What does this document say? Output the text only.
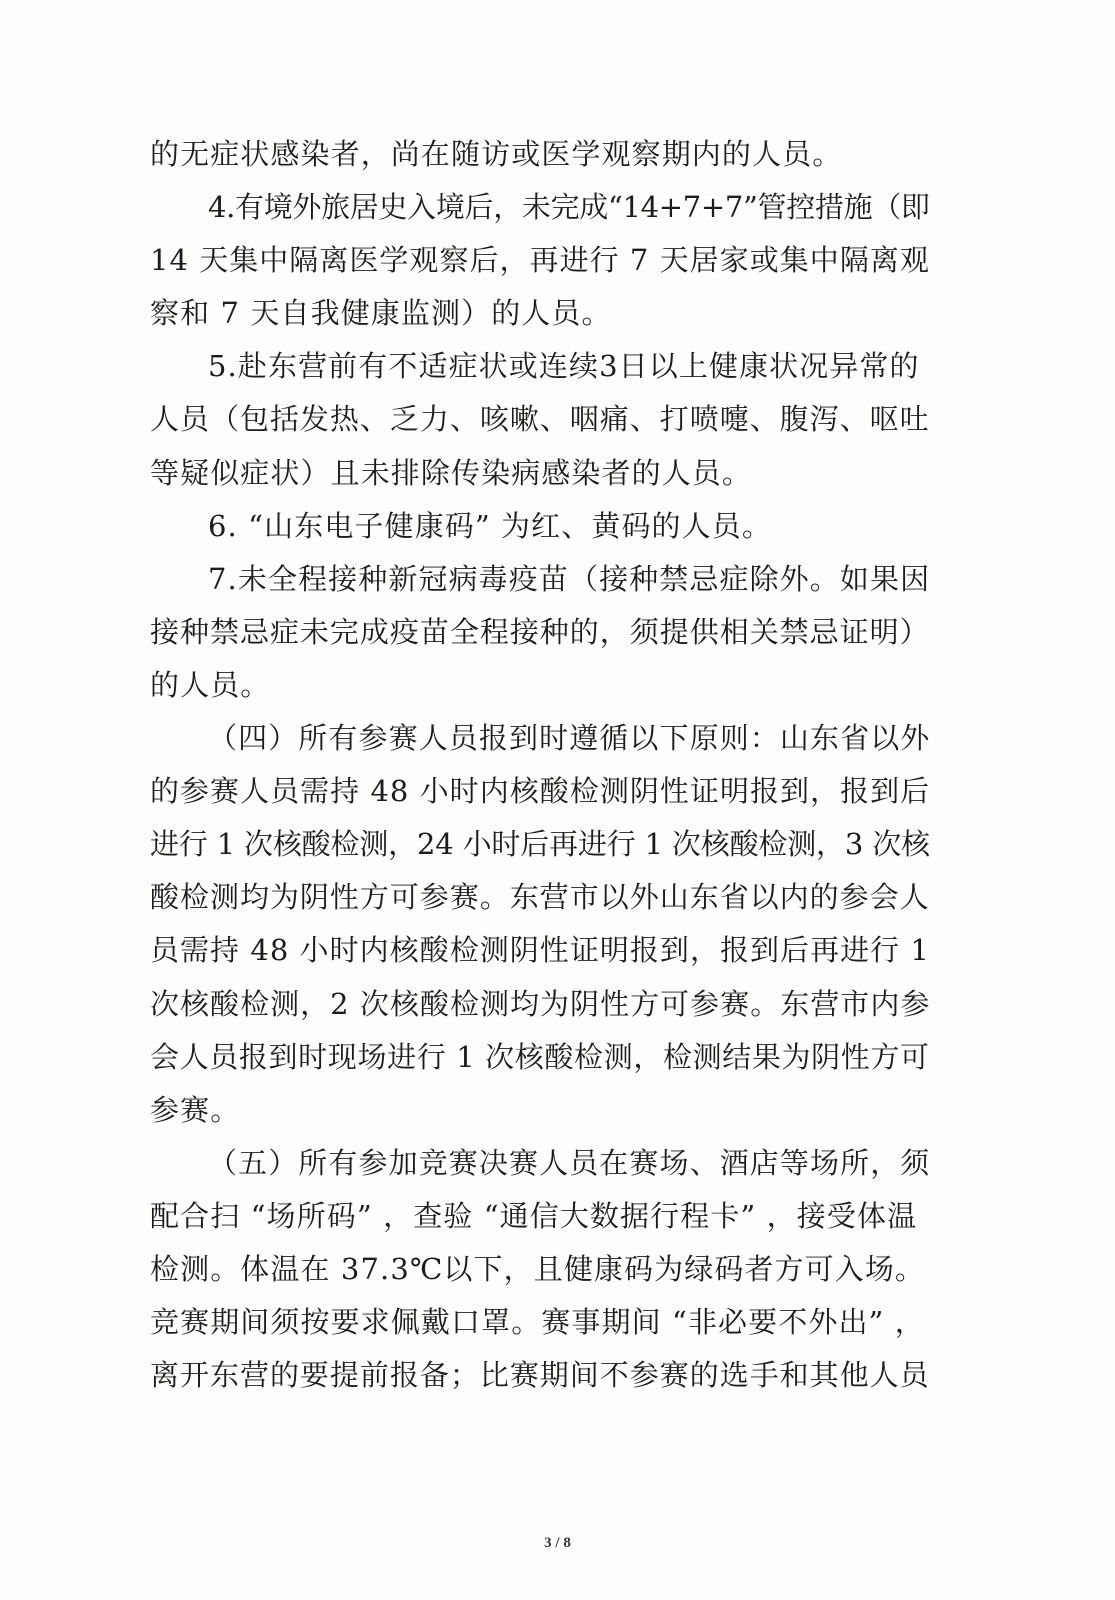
的无症状感染者，尚在随访或医学观察期内的人员。
4.有境外旅居史入境后，未完成“14+7+7”管控措施（即
14 天集中隔离医学观察后，再进行 7 天居家或集中隔离观
察和 7 天自我健康监测）的人员。
5.赴东营前有不适症状或连续3日以上健康状况异常的
人员（包括发热、乏力、咳嗽、咽痛、打喷嚏、腹泻、呕吐
等疑似症状）且未排除传染病感染者的人员。
6. “山东电子健康码” 为红、黄码的人员。
7.未全程接种新冠病毒疫苗（接种禁忌症除外。如果因
接种禁忌症未完成疫苗全程接种的，须提供相关禁忌证明）
的人员。
（四）所有参赛人员报到时遵循以下原则：山东省以外
的参赛人员需持 48 小时内核酸检测阴性证明报到，报到后
进行 1 次核酸检测，24 小时后再进行 1 次核酸检测，3 次核
酸检测均为阴性方可参赛。东营市以外山东省以内的参会人
员需持 48 小时内核酸检测阴性证明报到，报到后再进行 1
次核酸检测，2 次核酸检测均为阴性方可参赛。东营市内参
会人员报到时现场进行 1 次核酸检测，检测结果为阴性方可
参赛。
（五）所有参加竞赛决赛人员在赛场、酒店等场所，须
配合扫 “场所码” ，查验 “通信大数据行程卡” ，接受体温
检测。体温在 37.3℃以下，且健康码为绿码者方可入场。
竞赛期间须按要求佩戴口罩。赛事期间 “非必要不外出” ，
离开东营的要提前报备；比赛期间不参赛的选手和其他人员
3 / 8
